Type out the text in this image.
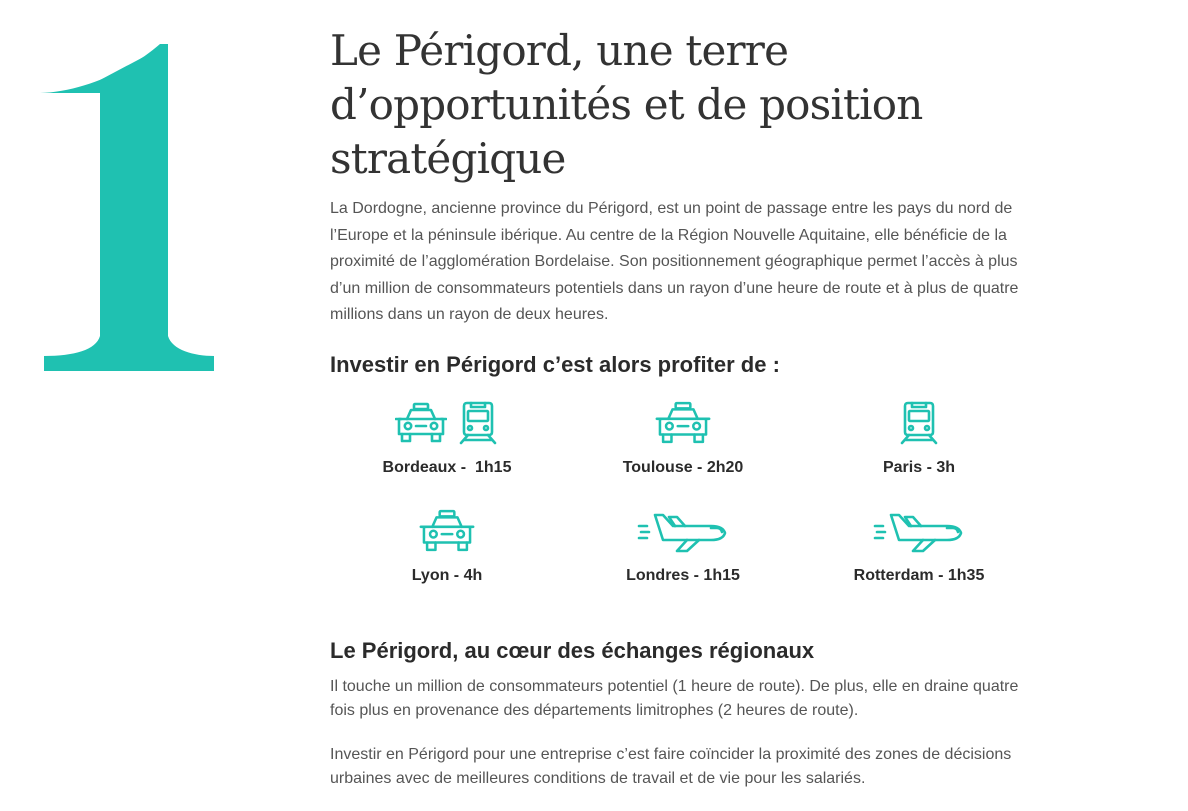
Le Périgord, une terre d’opportunités et de position stratégique

La Dordogne, ancienne province du Périgord, est un point de passage entre les pays du nord de l’Europe et la péninsule ibérique. Au centre de la Région Nouvelle Aquitaine, elle bénéficie de la proximité de l’agglomération Bordelaise. Son positionnement géographique permet l’accès à plus d’un million de consommateurs potentiels dans un rayon d’une heure de route et à plus de quatre millions dans un rayon de deux heures.

Investir en Périgord c’est alors profiter de :
Bordeaux -  1h15	Toulouse - 2h20	Paris - 3h
Lyon - 4h	Londres - 1h15	Rotterdam - 1h35
Le Périgord, au cœur des échanges régionaux

Il touche un million de consommateurs potentiel (1 heure de route). De plus, elle en draine quatre fois plus en provenance des départements limitrophes (2 heures de route).

Investir en Périgord pour une entreprise c’est faire coïncider la proximité des zones de décisions urbaines avec de meilleures conditions de travail et de vie pour les salariés.
